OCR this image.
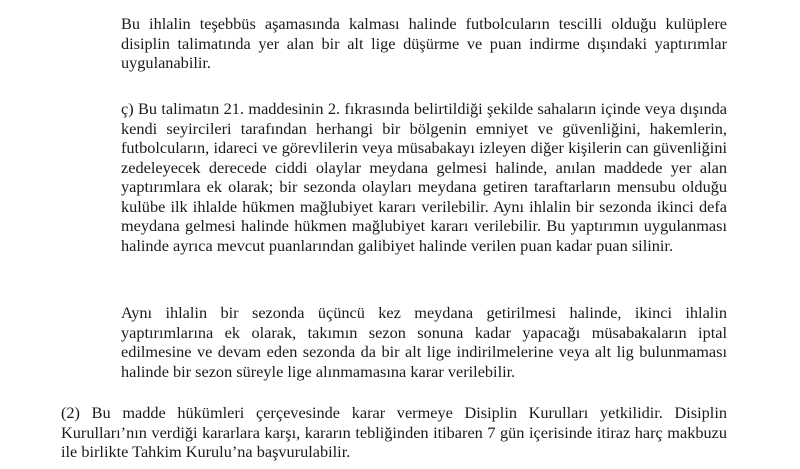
Bu ihlalin teşebbüs aşamasında kalması halinde futbolcuların tescilli olduğu kulüplere disiplin talimatında yer alan bir alt lige düşürme ve puan indirme dışındaki yaptırımlar uygulanabilir.

ç) Bu talimatın 21. maddesinin 2. fıkrasında belirtildiği şekilde sahaların içinde veya dışında kendi seyircileri tarafından herhangi bir bölgenin emniyet ve güvenliğini, hakemlerin, futbolcuların, idareci ve görevlilerin veya müsabakayı izleyen diğer kişilerin can güvenliğini zedeleyecek derecede ciddi olaylar meydana gelmesi halinde, anılan maddede yer alan yaptırımlara ek olarak; bir sezonda olayları meydana getiren taraftarların mensubu olduğu kulübe ilk ihlalde hükmen mağlubiyet kararı verilebilir. Aynı ihlalin bir sezonda ikinci defa meydana gelmesi halinde hükmen mağlubiyet kararı verilebilir. Bu yaptırımın uygulanması halinde ayrıca mevcut puanlarından galibiyet halinde verilen puan kadar puan silinir.

Aynı ihlalin bir sezonda üçüncü kez meydana getirilmesi halinde, ikinci ihlalin yaptırımlarına ek olarak, takımın sezon sonuna kadar yapacağı müsabakaların iptal edilmesine ve devam eden sezonda da bir alt lige indirilmelerine veya alt lig bulunmaması halinde bir sezon süreyle lige alınmamasına karar verilebilir.

(2) Bu madde hükümleri çerçevesinde karar vermeye Disiplin Kurulları yetkilidir. Disiplin Kurulları’nın verdiği kararlara karşı, kararın tebliğinden itibaren 7 gün içerisinde itiraz harç makbuzu ile birlikte Tahkim Kurulu’na başvurulabilir.
